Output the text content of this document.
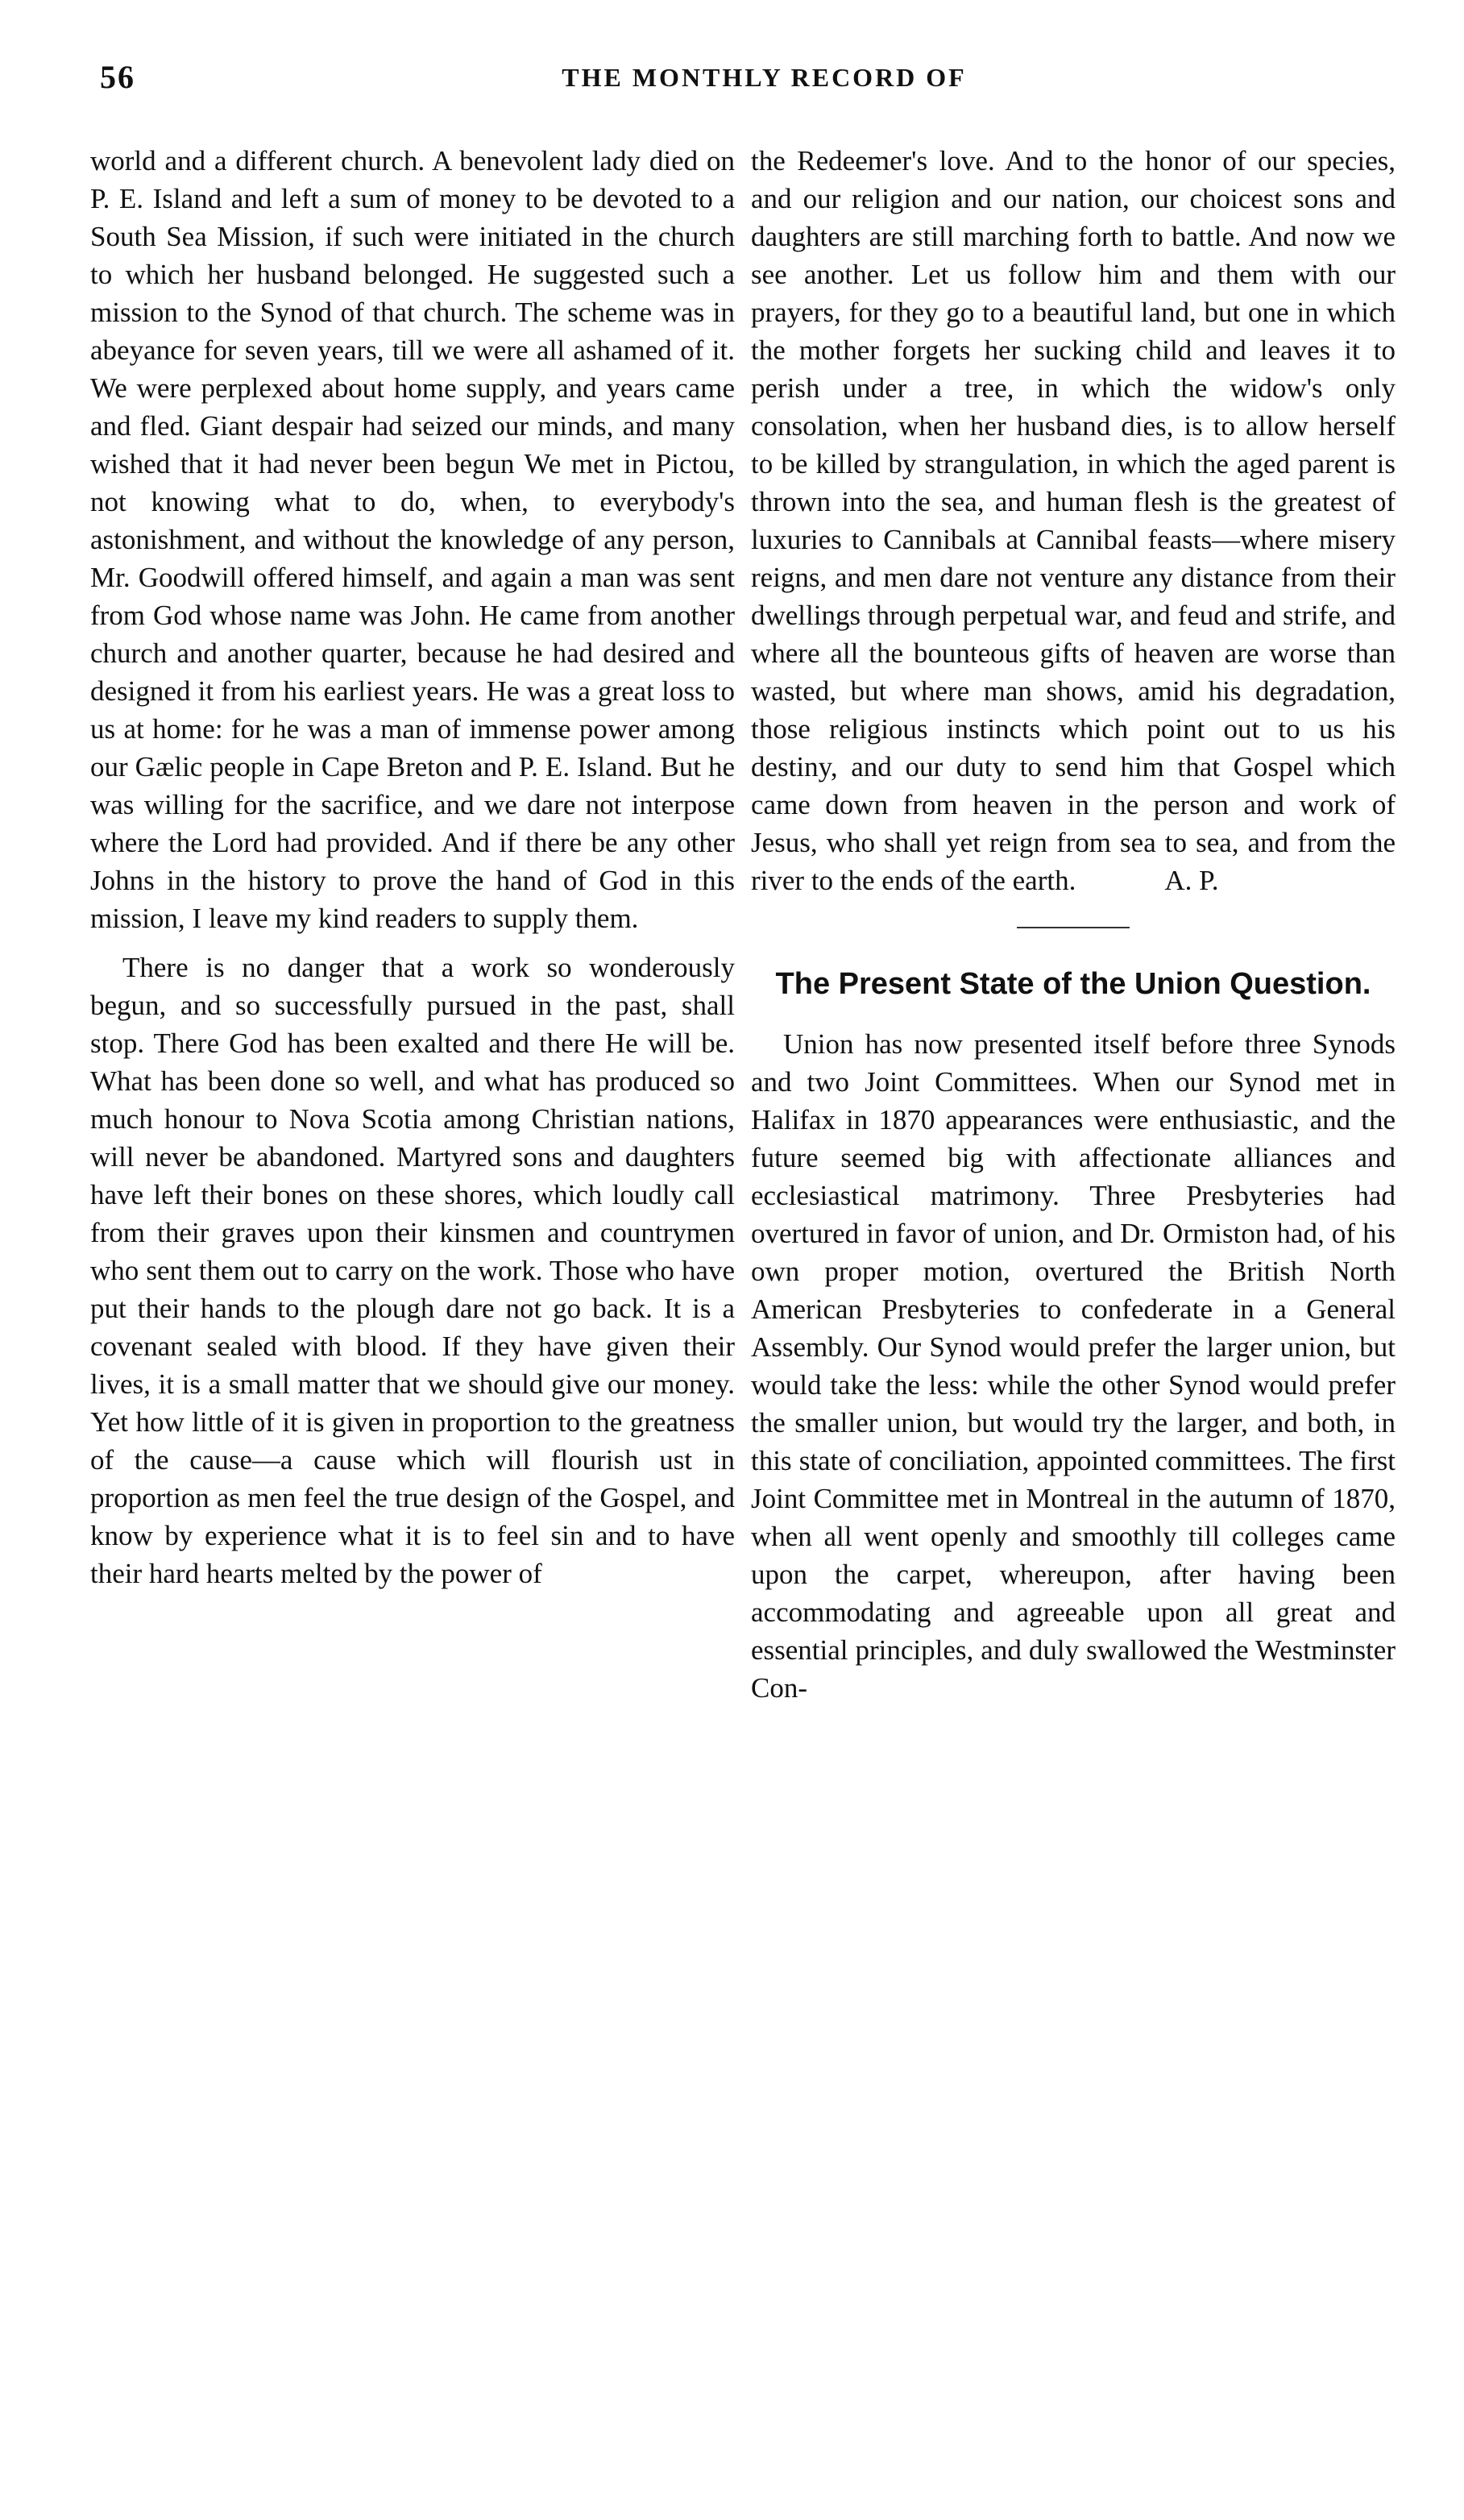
56	THE MONTHLY RECORD OF

world and a different church. A benevolent lady died on P. E. Island and left a sum of money to be devoted to a South Sea Mission, if such were initiated in the church to which her husband belonged. He suggested such a mission to the Synod of that church. The scheme was in abeyance for seven years, till we were all ashamed of it. We were perplexed about home supply, and years came and fled. Giant despair had seized our minds, and many wished that it had never been begun We met in Pictou, not knowing what to do, when, to everybody's astonishment, and without the knowledge of any person, Mr. Goodwill offered himself, and again a man was sent from God whose name was John. He came from another church and another quarter, because he had desired and designed it from his earliest years. He was a great loss to us at home: for he was a man of immense power among our Gælic people in Cape Breton and P. E. Island. But he was willing for the sacrifice, and we dare not interpose where the Lord had provided. And if there be any other Johns in the history to prove the hand of God in this mission, I leave my kind readers to supply them.

There is no danger that a work so wonderously begun, and so successfully pursued in the past, shall stop. There God has been exalted and there He will be. What has been done so well, and what has produced so much honour to Nova Scotia among Christian nations, will never be abandoned. Martyred sons and daughters have left their bones on these shores, which loudly call from their graves upon their kinsmen and countrymen who sent them out to carry on the work. Those who have put their hands to the plough dare not go back. It is a covenant sealed with blood. If they have given their lives, it is a small matter that we should give our money. Yet how little of it is given in proportion to the greatness of the cause—a cause which will flourish ust in proportion as men feel the true design of the Gospel, and know by experience what it is to feel sin and to have their hard hearts melted by the power of

the Redeemer's love. And to the honor of our species, and our religion and our nation, our choicest sons and daughters are still marching forth to battle. And now we see another. Let us follow him and them with our prayers, for they go to a beautiful land, but one in which the mother forgets her sucking child and leaves it to perish under a tree, in which the widow's only consolation, when her husband dies, is to allow herself to be killed by strangulation, in which the aged parent is thrown into the sea, and human flesh is the greatest of luxuries to Cannibals at Cannibal feasts—where misery reigns, and men dare not venture any distance from their dwellings through perpetual war, and feud and strife, and where all the bounteous gifts of heaven are worse than wasted, but where man shows, amid his degradation, those religious instincts which point out to us his destiny, and our duty to send him that Gospel which came down from heaven in the person and work of Jesus, who shall yet reign from sea to sea, and from the river to the ends of the earth.	A. P.

The Present State of the Union Question.

Union has now presented itself before three Synods and two Joint Committees. When our Synod met in Halifax in 1870 appearances were enthusiastic, and the future seemed big with affectionate alliances and ecclesiastical matrimony. Three Presbyteries had overtured in favor of union, and Dr. Ormiston had, of his own proper motion, overtured the British North American Presbyteries to confederate in a General Assembly. Our Synod would prefer the larger union, but would take the less: while the other Synod would prefer the smaller union, but would try the larger, and both, in this state of conciliation, appointed committees. The first Joint Committee met in Montreal in the autumn of 1870, when all went openly and smoothly till colleges came upon the carpet, whereupon, after having been accommodating and agreeable upon all great and essential principles, and duly swallowed the Westminster Con-
